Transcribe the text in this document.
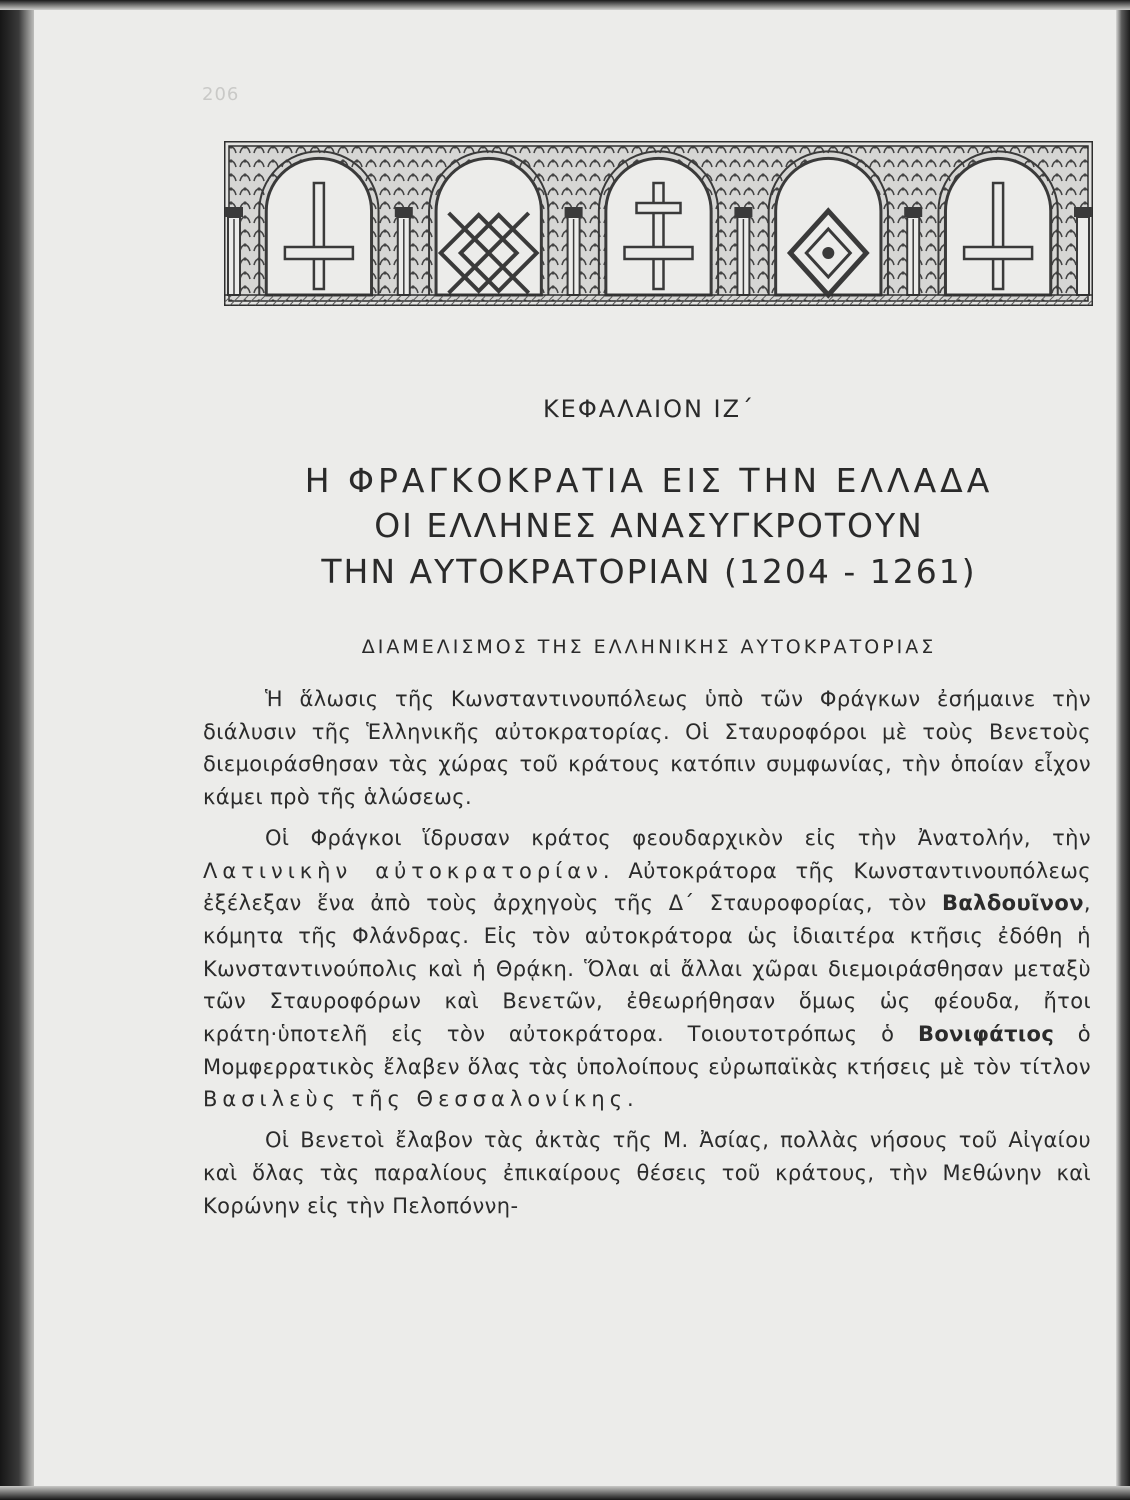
206
ΚΕΦΑΛΑΙΟΝ ΙΖ΄
Η ΦΡΑΓΚΟΚΡΑΤΙΑ ΕΙΣ ΤΗΝ ΕΛΛΑΔΑ
ΟΙ ΕΛΛΗΝΕΣ ΑΝΑΣΥΓΚΡΟΤΟΥΝ
ΤΗΝ ΑΥΤΟΚΡΑΤΟΡΙΑΝ (1204 - 1261)
ΔΙΑΜΕΛΙΣΜΟΣ ΤΗΣ ΕΛΛΗΝΙΚΗΣ ΑΥΤΟΚΡΑΤΟΡΙΑΣ

Ἡ ἅλωσις τῆς Κωνσταντινουπόλεως ὑπὸ τῶν Φράγκων ἐσήμαινε τὴν διάλυσιν τῆς Ἑλληνικῆς αὐτοκρατορίας. Οἱ Σταυροφόροι μὲ τοὺς Βενετοὺς διεμοιράσθησαν τὰς χώρας τοῦ κράτους κατόπιν συμφωνίας, τὴν ὁποίαν εἶχον κάμει πρὸ τῆς ἁλώσεως.

Οἱ Φράγκοι ἵδρυσαν κράτος φεουδαρχικὸν εἰς τὴν Ἀνατολήν, τὴν Λατινικὴν αὐτοκρατορίαν. Αὐτοκράτορα τῆς Κωνσταντινουπόλεως ἐξέλεξαν ἕνα ἀπὸ τοὺς ἀρχηγοὺς τῆς Δ΄ Σταυροφορίας, τὸν Βαλδουῖνον, κόμητα τῆς Φλάνδρας. Εἰς τὸν αὐτοκράτορα ὡς ἰδιαιτέρα κτῆσις ἐδόθη ἡ Κωνσταντινούπολις καὶ ἡ Θρᾴκη. Ὅλαι αἱ ἄλλαι χῶραι διεμοιράσθησαν μεταξὺ τῶν Σταυροφόρων καὶ Βενετῶν, ἐθεωρήθησαν ὅμως ὡς φέουδα, ἤτοι κράτη·ὑποτελῆ εἰς τὸν αὐτοκράτορα. Τοιουτοτρόπως ὁ Βονιφάτιος ὁ Μομφερρατικὸς ἔλαβεν ὅλας τὰς ὑπολοίπους εὐρωπαϊκὰς κτήσεις μὲ τὸν τίτλον Βασιλεὺς τῆς Θεσσαλονίκης.

Οἱ Βενετοὶ ἔλαβον τὰς ἀκτὰς τῆς Μ. Ἀσίας, πολλὰς νήσους τοῦ Αἰγαίου καὶ ὅλας τὰς παραλίους ἐπικαίρους θέσεις τοῦ κράτους, τὴν Μεθώνην καὶ Κορώνην εἰς τὴν Πελοπόννη-
